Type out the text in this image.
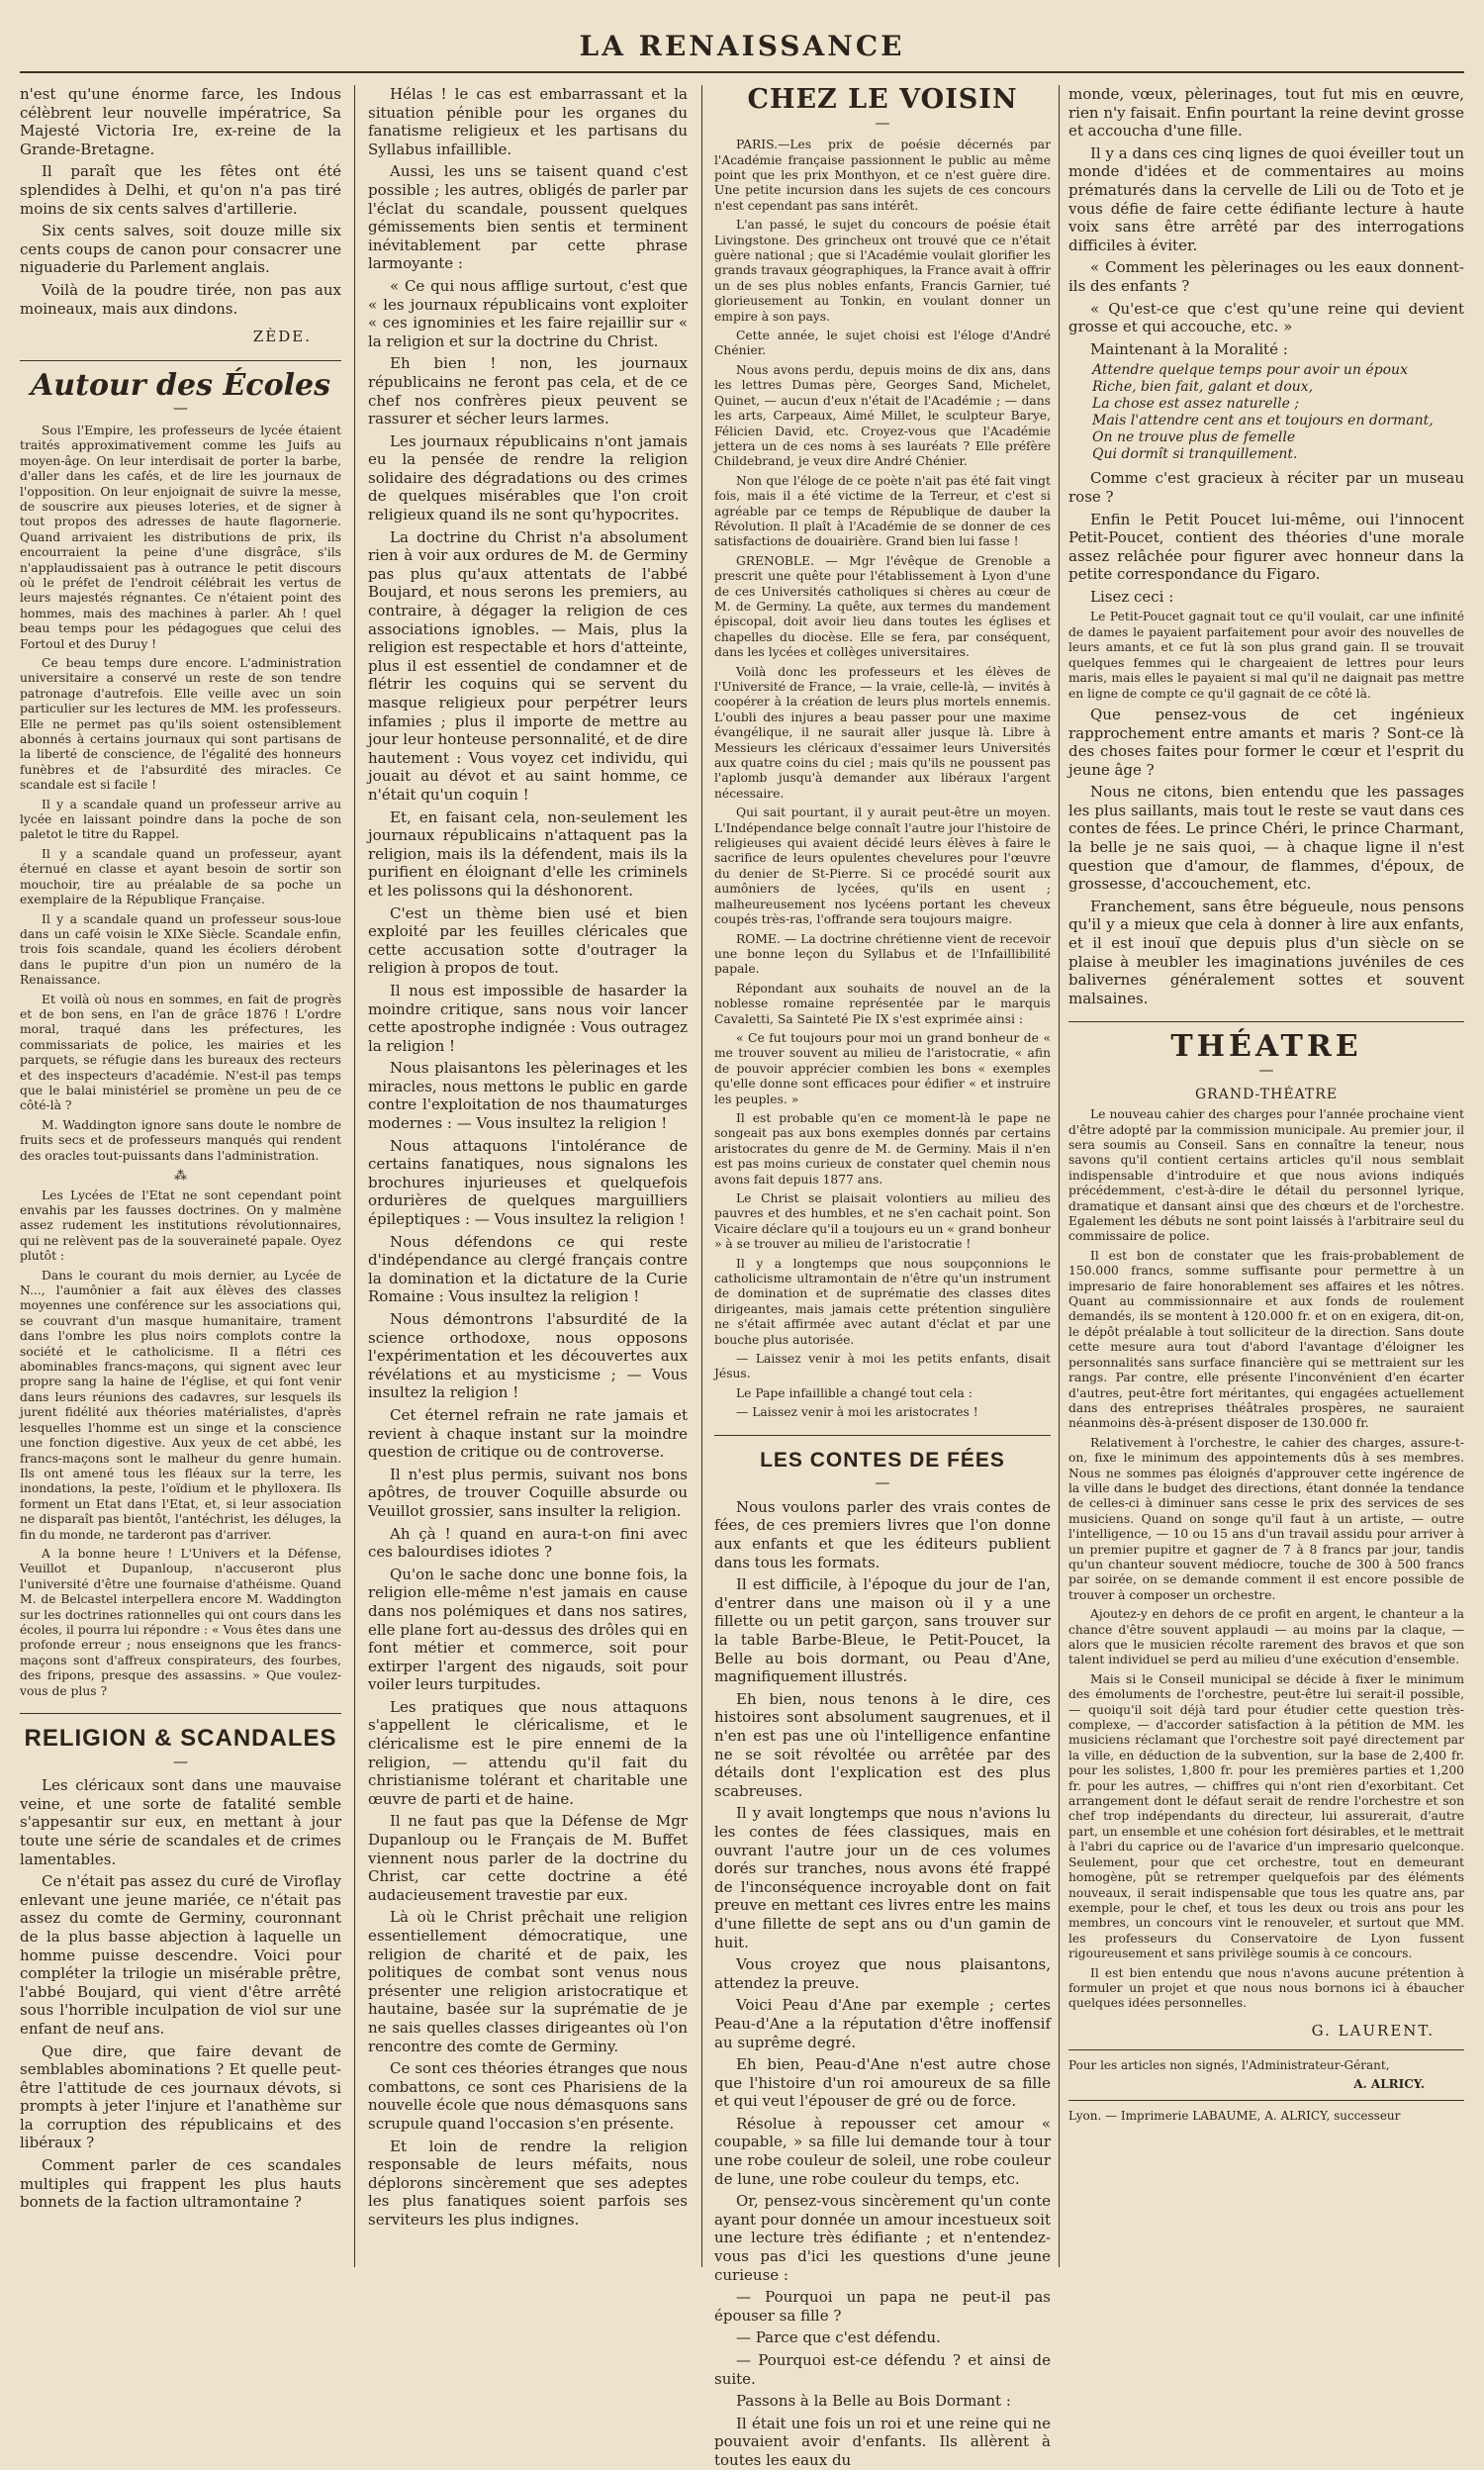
LA RENAISSANCE

n'est qu'une énorme farce, les Indous célèbrent leur nouvelle impératrice, Sa Majesté Victoria Ire, ex-reine de la Grande-Bretagne.

Il paraît que les fêtes ont été splendides à Delhi, et qu'on n'a pas tiré moins de six cents salves d'artillerie.

Six cents salves, soit douze mille six cents coups de canon pour consacrer une niguaderie du Parlement anglais.

Voilà de la poudre tirée, non pas aux moineaux, mais aux dindons.

ZÈDE.
Autour des Écoles
—

Sous l'Empire, les professeurs de lycée étaient traités approximativement comme les Juifs au moyen-âge. On leur interdisait de porter la barbe, d'aller dans les cafés, et de lire les journaux de l'opposition. On leur enjoignait de suivre la messe, de souscrire aux pieuses loteries, et de signer à tout propos des adresses de haute flagornerie. Quand arrivaient les distributions de prix, ils encourraient la peine d'une disgrâce, s'ils n'applaudissaient pas à outrance le petit discours où le préfet de l'endroit célébrait les vertus de leurs majestés régnantes. Ce n'étaient point des hommes, mais des machines à parler. Ah ! quel beau temps pour les pédagogues que celui des Fortoul et des Duruy !

Ce beau temps dure encore. L'administration universitaire a conservé un reste de son tendre patronage d'autrefois. Elle veille avec un soin particulier sur les lectures de MM. les professeurs. Elle ne permet pas qu'ils soient ostensiblement abonnés à certains journaux qui sont partisans de la liberté de conscience, de l'égalité des honneurs funèbres et de l'absurdité des miracles. Ce scandale est si facile !

Il y a scandale quand un professeur arrive au lycée en laissant poindre dans la poche de son paletot le titre du Rappel.

Il y a scandale quand un professeur, ayant éternué en classe et ayant besoin de sortir son mouchoir, tire au préalable de sa poche un exemplaire de la République Française.

Il y a scandale quand un professeur sous-loue dans un café voisin le XIXe Siècle. Scandale enfin, trois fois scandale, quand les écoliers dérobent dans le pupitre d'un pion un numéro de la Renaissance.

Et voilà où nous en sommes, en fait de progrès et de bon sens, en l'an de grâce 1876 ! L'ordre moral, traqué dans les préfectures, les commissariats de police, les mairies et les parquets, se réfugie dans les bureaux des recteurs et des inspecteurs d'académie. N'est-il pas temps que le balai ministériel se promène un peu de ce côté-là ?

M. Waddington ignore sans doute le nombre de fruits secs et de professeurs manqués qui rendent des oracles tout-puissants dans l'administration.

⁂

Les Lycées de l'Etat ne sont cependant point envahis par les fausses doctrines. On y malmène assez rudement les institutions révolutionnaires, qui ne relèvent pas de la souveraineté papale. Oyez plutôt :

Dans le courant du mois dernier, au Lycée de N..., l'aumônier a fait aux élèves des classes moyennes une conférence sur les associations qui, se couvrant d'un masque humanitaire, trament dans l'ombre les plus noirs complots contre la société et le catholicisme. Il a flétri ces abominables francs-maçons, qui signent avec leur propre sang la haine de l'église, et qui font venir dans leurs réunions des cadavres, sur lesquels ils jurent fidélité aux théories matérialistes, d'après lesquelles l'homme est un singe et la conscience une fonction digestive. Aux yeux de cet abbé, les francs-maçons sont le malheur du genre humain. Ils ont amené tous les fléaux sur la terre, les inondations, la peste, l'oïdium et le phylloxera. Ils forment un Etat dans l'Etat, et, si leur association ne disparaît pas bientôt, l'antéchrist, les déluges, la fin du monde, ne tarderont pas d'arriver.

A la bonne heure ! L'Univers et la Défense, Veuillot et Dupanloup, n'accuseront plus l'université d'être une fournaise d'athéisme. Quand M. de Belcastel interpellera encore M. Waddington sur les doctrines rationnelles qui ont cours dans les écoles, il pourra lui répondre : « Vous êtes dans une profonde erreur ; nous enseignons que les francs-maçons sont d'affreux conspirateurs, des fourbes, des fripons, presque des assassins. » Que voulez-vous de plus ?

RELIGION & SCANDALES
—

Les cléricaux sont dans une mauvaise veine, et une sorte de fatalité semble s'appesantir sur eux, en mettant à jour toute une série de scandales et de crimes lamentables.

Ce n'était pas assez du curé de Viroflay enlevant une jeune mariée, ce n'était pas assez du comte de Germiny, couronnant de la plus basse abjection à laquelle un homme puisse descendre. Voici pour compléter la trilogie un misérable prêtre, l'abbé Boujard, qui vient d'être arrêté sous l'horrible inculpation de viol sur une enfant de neuf ans.

Que dire, que faire devant de semblables abominations ? Et quelle peut-être l'attitude de ces journaux dévots, si prompts à jeter l'injure et l'anathème sur la corruption des républicains et des libéraux ?

Comment parler de ces scandales multiples qui frappent les plus hauts bonnets de la faction ultramontaine ?

Hélas ! le cas est embarrassant et la situation pénible pour les organes du fanatisme religieux et les partisans du Syllabus infaillible.

Aussi, les uns se taisent quand c'est possible ; les autres, obligés de parler par l'éclat du scandale, poussent quelques gémissements bien sentis et terminent inévitablement par cette phrase larmoyante :

« Ce qui nous afflige surtout, c'est que « les journaux républicains vont exploiter « ces ignominies et les faire rejaillir sur « la religion et sur la doctrine du Christ.

Eh bien ! non, les journaux républicains ne feront pas cela, et de ce chef nos confrères pieux peuvent se rassurer et sécher leurs larmes.

Les journaux républicains n'ont jamais eu la pensée de rendre la religion solidaire des dégradations ou des crimes de quelques misérables que l'on croit religieux quand ils ne sont qu'hypocrites.

La doctrine du Christ n'a absolument rien à voir aux ordures de M. de Germiny pas plus qu'aux attentats de l'abbé Boujard, et nous serons les premiers, au contraire, à dégager la religion de ces associations ignobles. — Mais, plus la religion est respectable et hors d'atteinte, plus il est essentiel de condamner et de flétrir les coquins qui se servent du masque religieux pour perpétrer leurs infamies ; plus il importe de mettre au jour leur honteuse personnalité, et de dire hautement : Vous voyez cet individu, qui jouait au dévot et au saint homme, ce n'était qu'un coquin !

Et, en faisant cela, non-seulement les journaux républicains n'attaquent pas la religion, mais ils la défendent, mais ils la purifient en éloignant d'elle les criminels et les polissons qui la déshonorent.

C'est un thème bien usé et bien exploité par les feuilles cléricales que cette accusation sotte d'outrager la religion à propos de tout.

Il nous est impossible de hasarder la moindre critique, sans nous voir lancer cette apostrophe indignée : Vous outragez la religion !

Nous plaisantons les pèlerinages et les miracles, nous mettons le public en garde contre l'exploitation de nos thaumaturges modernes : — Vous insultez la religion !

Nous attaquons l'intolérance de certains fanatiques, nous signalons les brochures injurieuses et quelquefois ordurières de quelques marguilliers épileptiques : — Vous insultez la religion !

Nous défendons ce qui reste d'indépendance au clergé français contre la domination et la dictature de la Curie Romaine : Vous insultez la religion !

Nous démontrons l'absurdité de la science orthodoxe, nous opposons l'expérimentation et les découvertes aux révélations et au mysticisme ; — Vous insultez la religion !

Cet éternel refrain ne rate jamais et revient à chaque instant sur la moindre question de critique ou de controverse.

Il n'est plus permis, suivant nos bons apôtres, de trouver Coquille absurde ou Veuillot grossier, sans insulter la religion.

Ah çà ! quand en aura-t-on fini avec ces balourdises idiotes ?

Qu'on le sache donc une bonne fois, la religion elle-même n'est jamais en cause dans nos polémiques et dans nos satires, elle plane fort au-dessus des drôles qui en font métier et commerce, soit pour extirper l'argent des nigauds, soit pour voiler leurs turpitudes.

Les pratiques que nous attaquons s'appellent le cléricalisme, et le cléricalisme est le pire ennemi de la religion, — attendu qu'il fait du christianisme tolérant et charitable une œuvre de parti et de haine.

Il ne faut pas que la Défense de Mgr Dupanloup ou le Français de M. Buffet viennent nous parler de la doctrine du Christ, car cette doctrine a été audacieusement travestie par eux.

Là où le Christ prêchait une religion essentiellement démocratique, une religion de charité et de paix, les politiques de combat sont venus nous présenter une religion aristocratique et hautaine, basée sur la suprématie de je ne sais quelles classes dirigeantes où l'on rencontre des comte de Germiny.

Ce sont ces théories étranges que nous combattons, ce sont ces Pharisiens de la nouvelle école que nous démasquons sans scrupule quand l'occasion s'en présente.

Et loin de rendre la religion responsable de leurs méfaits, nous déplorons sincèrement que ses adeptes les plus fanatiques soient parfois ses serviteurs les plus indignes.

CHEZ LE VOISIN
—

PARIS.—Les prix de poésie décernés par l'Académie française passionnent le public au même point que les prix Monthyon, et ce n'est guère dire. Une petite incursion dans les sujets de ces concours n'est cependant pas sans intérêt.

L'an passé, le sujet du concours de poésie était Livingstone. Des grincheux ont trouvé que ce n'était guère national ; que si l'Académie voulait glorifier les grands travaux géographiques, la France avait à offrir un de ses plus nobles enfants, Francis Garnier, tué glorieusement au Tonkin, en voulant donner un empire à son pays.

Cette année, le sujet choisi est l'éloge d'André Chénier.

Nous avons perdu, depuis moins de dix ans, dans les lettres Dumas père, Georges Sand, Michelet, Quinet, — aucun d'eux n'était de l'Académie ; — dans les arts, Carpeaux, Aimé Millet, le sculpteur Barye, Félicien David, etc. Croyez-vous que l'Académie jettera un de ces noms à ses lauréats ? Elle préfère Childebrand, je veux dire André Chénier.

Non que l'éloge de ce poète n'ait pas été fait vingt fois, mais il a été victime de la Terreur, et c'est si agréable par ce temps de République de dauber la Révolution. Il plaît à l'Académie de se donner de ces satisfactions de douairière. Grand bien lui fasse !

GRENOBLE. — Mgr l'évêque de Grenoble a prescrit une quête pour l'établissement à Lyon d'une de ces Universités catholiques si chères au cœur de M. de Germiny. La quête, aux termes du mandement épiscopal, doit avoir lieu dans toutes les églises et chapelles du diocèse. Elle se fera, par conséquent, dans les lycées et collèges universitaires.

Voilà donc les professeurs et les élèves de l'Université de France, — la vraie, celle-là, — invités à coopérer à la création de leurs plus mortels ennemis. L'oubli des injures a beau passer pour une maxime évangélique, il ne saurait aller jusque là. Libre à Messieurs les cléricaux d'essaimer leurs Universités aux quatre coins du ciel ; mais qu'ils ne poussent pas l'aplomb jusqu'à demander aux libéraux l'argent nécessaire.

Qui sait pourtant, il y aurait peut-être un moyen. L'Indépendance belge connaît l'autre jour l'histoire de religieuses qui avaient décidé leurs élèves à faire le sacrifice de leurs opulentes chevelures pour l'œuvre du denier de St-Pierre. Si ce procédé sourit aux aumôniers de lycées, qu'ils en usent ; malheureusement nos lycéens portant les cheveux coupés très-ras, l'offrande sera toujours maigre.

ROME. — La doctrine chrétienne vient de recevoir une bonne leçon du Syllabus et de l'Infaillibilité papale.

Répondant aux souhaits de nouvel an de la noblesse romaine représentée par le marquis Cavaletti, Sa Sainteté Pie IX s'est exprimée ainsi :

« Ce fut toujours pour moi un grand bonheur de « me trouver souvent au milieu de l'aristocratie, « afin de pouvoir apprécier combien les bons « exemples qu'elle donne sont efficaces pour édifier « et instruire les peuples. »

Il est probable qu'en ce moment-là le pape ne songeait pas aux bons exemples donnés par certains aristocrates du genre de M. de Germiny. Mais il n'en est pas moins curieux de constater quel chemin nous avons fait depuis 1877 ans.

Le Christ se plaisait volontiers au milieu des pauvres et des humbles, et ne s'en cachait point. Son Vicaire déclare qu'il a toujours eu un « grand bonheur » à se trouver au milieu de l'aristocratie !

Il y a longtemps que nous soupçonnions le catholicisme ultramontain de n'être qu'un instrument de domination et de suprématie des classes dites dirigeantes, mais jamais cette prétention singulière ne s'était affirmée avec autant d'éclat et par une bouche plus autorisée.

— Laissez venir à moi les petits enfants, disait Jésus.

Le Pape infaillible a changé tout cela :

— Laissez venir à moi les aristocrates !

LES CONTES DE FÉES
—

Nous voulons parler des vrais contes de fées, de ces premiers livres que l'on donne aux enfants et que les éditeurs publient dans tous les formats.

Il est difficile, à l'époque du jour de l'an, d'entrer dans une maison où il y a une fillette ou un petit garçon, sans trouver sur la table Barbe-Bleue, le Petit-Poucet, la Belle au bois dormant, ou Peau d'Ane, magnifiquement illustrés.

Eh bien, nous tenons à le dire, ces histoires sont absolument saugrenues, et il n'en est pas une où l'intelligence enfantine ne se soit révoltée ou arrêtée par des détails dont l'explication est des plus scabreuses.

Il y avait longtemps que nous n'avions lu les contes de fées classiques, mais en ouvrant l'autre jour un de ces volumes dorés sur tranches, nous avons été frappé de l'inconséquence incroyable dont on fait preuve en mettant ces livres entre les mains d'une fillette de sept ans ou d'un gamin de huit.

Vous croyez que nous plaisantons, attendez la preuve.

Voici Peau d'Ane par exemple ; certes Peau-d'Ane a la réputation d'être inoffensif au suprême degré.

Eh bien, Peau-d'Ane n'est autre chose que l'histoire d'un roi amoureux de sa fille et qui veut l'épouser de gré ou de force.

Résolue à repousser cet amour « coupable, » sa fille lui demande tour à tour une robe couleur de soleil, une robe couleur de lune, une robe couleur du temps, etc.

Or, pensez-vous sincèrement qu'un conte ayant pour donnée un amour incestueux soit une lecture très édifiante ; et n'entendez-vous pas d'ici les questions d'une jeune curieuse :

— Pourquoi un papa ne peut-il pas épouser sa fille ?

— Parce que c'est défendu.

— Pourquoi est-ce défendu ? et ainsi de suite.

Passons à la Belle au Bois Dormant :

Il était une fois un roi et une reine qui ne pouvaient avoir d'enfants. Ils allèrent à toutes les eaux du

monde, vœux, pèlerinages, tout fut mis en œuvre, rien n'y faisait. Enfin pourtant la reine devint grosse et accoucha d'une fille.

Il y a dans ces cinq lignes de quoi éveiller tout un monde d'idées et de commentaires au moins prématurés dans la cervelle de Lili ou de Toto et je vous défie de faire cette édifiante lecture à haute voix sans être arrêté par des interrogations difficiles à éviter.

« Comment les pèlerinages ou les eaux donnent-ils des enfants ?

« Qu'est-ce que c'est qu'une reine qui devient grosse et qui accouche, etc. »

Maintenant à la Moralité :

Attendre quelque temps pour avoir un époux
Riche, bien fait, galant et doux,
La chose est assez naturelle ;
Mais l'attendre cent ans et toujours en dormant,
On ne trouve plus de femelle
Qui dormît si tranquillement.

Comme c'est gracieux à réciter par un museau rose ?

Enfin le Petit Poucet lui-même, oui l'innocent Petit-Poucet, contient des théories d'une morale assez relâchée pour figurer avec honneur dans la petite correspondance du Figaro.

Lisez ceci :

Le Petit-Poucet gagnait tout ce qu'il voulait, car une infinité de dames le payaient parfaitement pour avoir des nouvelles de leurs amants, et ce fut là son plus grand gain. Il se trouvait quelques femmes qui le chargeaient de lettres pour leurs maris, mais elles le payaient si mal qu'il ne daignait pas mettre en ligne de compte ce qu'il gagnait de ce côté là.

Que pensez-vous de cet ingénieux rapprochement entre amants et maris ? Sont-ce là des choses faites pour former le cœur et l'esprit du jeune âge ?

Nous ne citons, bien entendu que les passages les plus saillants, mais tout le reste se vaut dans ces contes de fées. Le prince Chéri, le prince Charmant, la belle je ne sais quoi, — à chaque ligne il n'est question que d'amour, de flammes, d'époux, de grossesse, d'accouchement, etc.

Franchement, sans être bégueule, nous pensons qu'il y a mieux que cela à donner à lire aux enfants, et il est inouï que depuis plus d'un siècle on se plaise à meubler les imaginations juvéniles de ces balivernes généralement sottes et souvent malsaines.

THÉATRE
—
GRAND-THÉATRE

Le nouveau cahier des charges pour l'année prochaine vient d'être adopté par la commission municipale. Au premier jour, il sera soumis au Conseil. Sans en connaître la teneur, nous savons qu'il contient certains articles qu'il nous semblait indispensable d'introduire et que nous avions indiqués précédemment, c'est-à-dire le détail du personnel lyrique, dramatique et dansant ainsi que des chœurs et de l'orchestre. Egalement les débuts ne sont point laissés à l'arbitraire seul du commissaire de police.

Il est bon de constater que les frais-probablement de 150.000 francs, somme suffisante pour permettre à un impresario de faire honorablement ses affaires et les nôtres. Quant au commissionnaire et aux fonds de roulement demandés, ils se montent à 120.000 fr. et on en exigera, dit-on, le dépôt préalable à tout solliciteur de la direction. Sans doute cette mesure aura tout d'abord l'avantage d'éloigner les personnalités sans surface financière qui se mettraient sur les rangs. Par contre, elle présente l'inconvénient d'en écarter d'autres, peut-être fort méritantes, qui engagées actuellement dans des entreprises théâtrales prospères, ne sauraient néanmoins dès-à-présent disposer de 130.000 fr.

Relativement à l'orchestre, le cahier des charges, assure-t-on, fixe le minimum des appointements dûs à ses membres. Nous ne sommes pas éloignés d'approuver cette ingérence de la ville dans le budget des directions, étant donnée la tendance de celles-ci à diminuer sans cesse le prix des services de ses musiciens. Quand on songe qu'il faut à un artiste, — outre l'intelligence, — 10 ou 15 ans d'un travail assidu pour arriver à un premier pupitre et gagner de 7 à 8 francs par jour, tandis qu'un chanteur souvent médiocre, touche de 300 à 500 francs par soirée, on se demande comment il est encore possible de trouver à composer un orchestre.

Ajoutez-y en dehors de ce profit en argent, le chanteur a la chance d'être souvent applaudi — au moins par la claque, — alors que le musicien récolte rarement des bravos et que son talent individuel se perd au milieu d'une exécution d'ensemble.

Mais si le Conseil municipal se décide à fixer le minimum des émoluments de l'orchestre, peut-être lui serait-il possible, — quoiqu'il soit déjà tard pour étudier cette question très-complexe, — d'accorder satisfaction à la pétition de MM. les musiciens réclamant que l'orchestre soit payé directement par la ville, en déduction de la subvention, sur la base de 2,400 fr. pour les solistes, 1,800 fr. pour les premières parties et 1,200 fr. pour les autres, — chiffres qui n'ont rien d'exorbitant. Cet arrangement dont le défaut serait de rendre l'orchestre et son chef trop indépendants du directeur, lui assurerait, d'autre part, un ensemble et une cohésion fort désirables, et le mettrait à l'abri du caprice ou de l'avarice d'un impresario quelconque. Seulement, pour que cet orchestre, tout en demeurant homogène, pût se retremper quelquefois par des éléments nouveaux, il serait indispensable que tous les quatre ans, par exemple, pour le chef, et tous les deux ou trois ans pour les membres, un concours vint le renouveler, et surtout que MM. les professeurs du Conservatoire de Lyon fussent rigoureusement et sans privilège soumis à ce concours.

Il est bien entendu que nous n'avons aucune prétention à formuler un projet et que nous nous bornons ici à ébaucher quelques idées personnelles.

G. LAURENT.
Pour les articles non signés, l'Administrateur-Gérant,
A. ALRICY.
Lyon. — Imprimerie LABAUME, A. ALRICY, successeur
